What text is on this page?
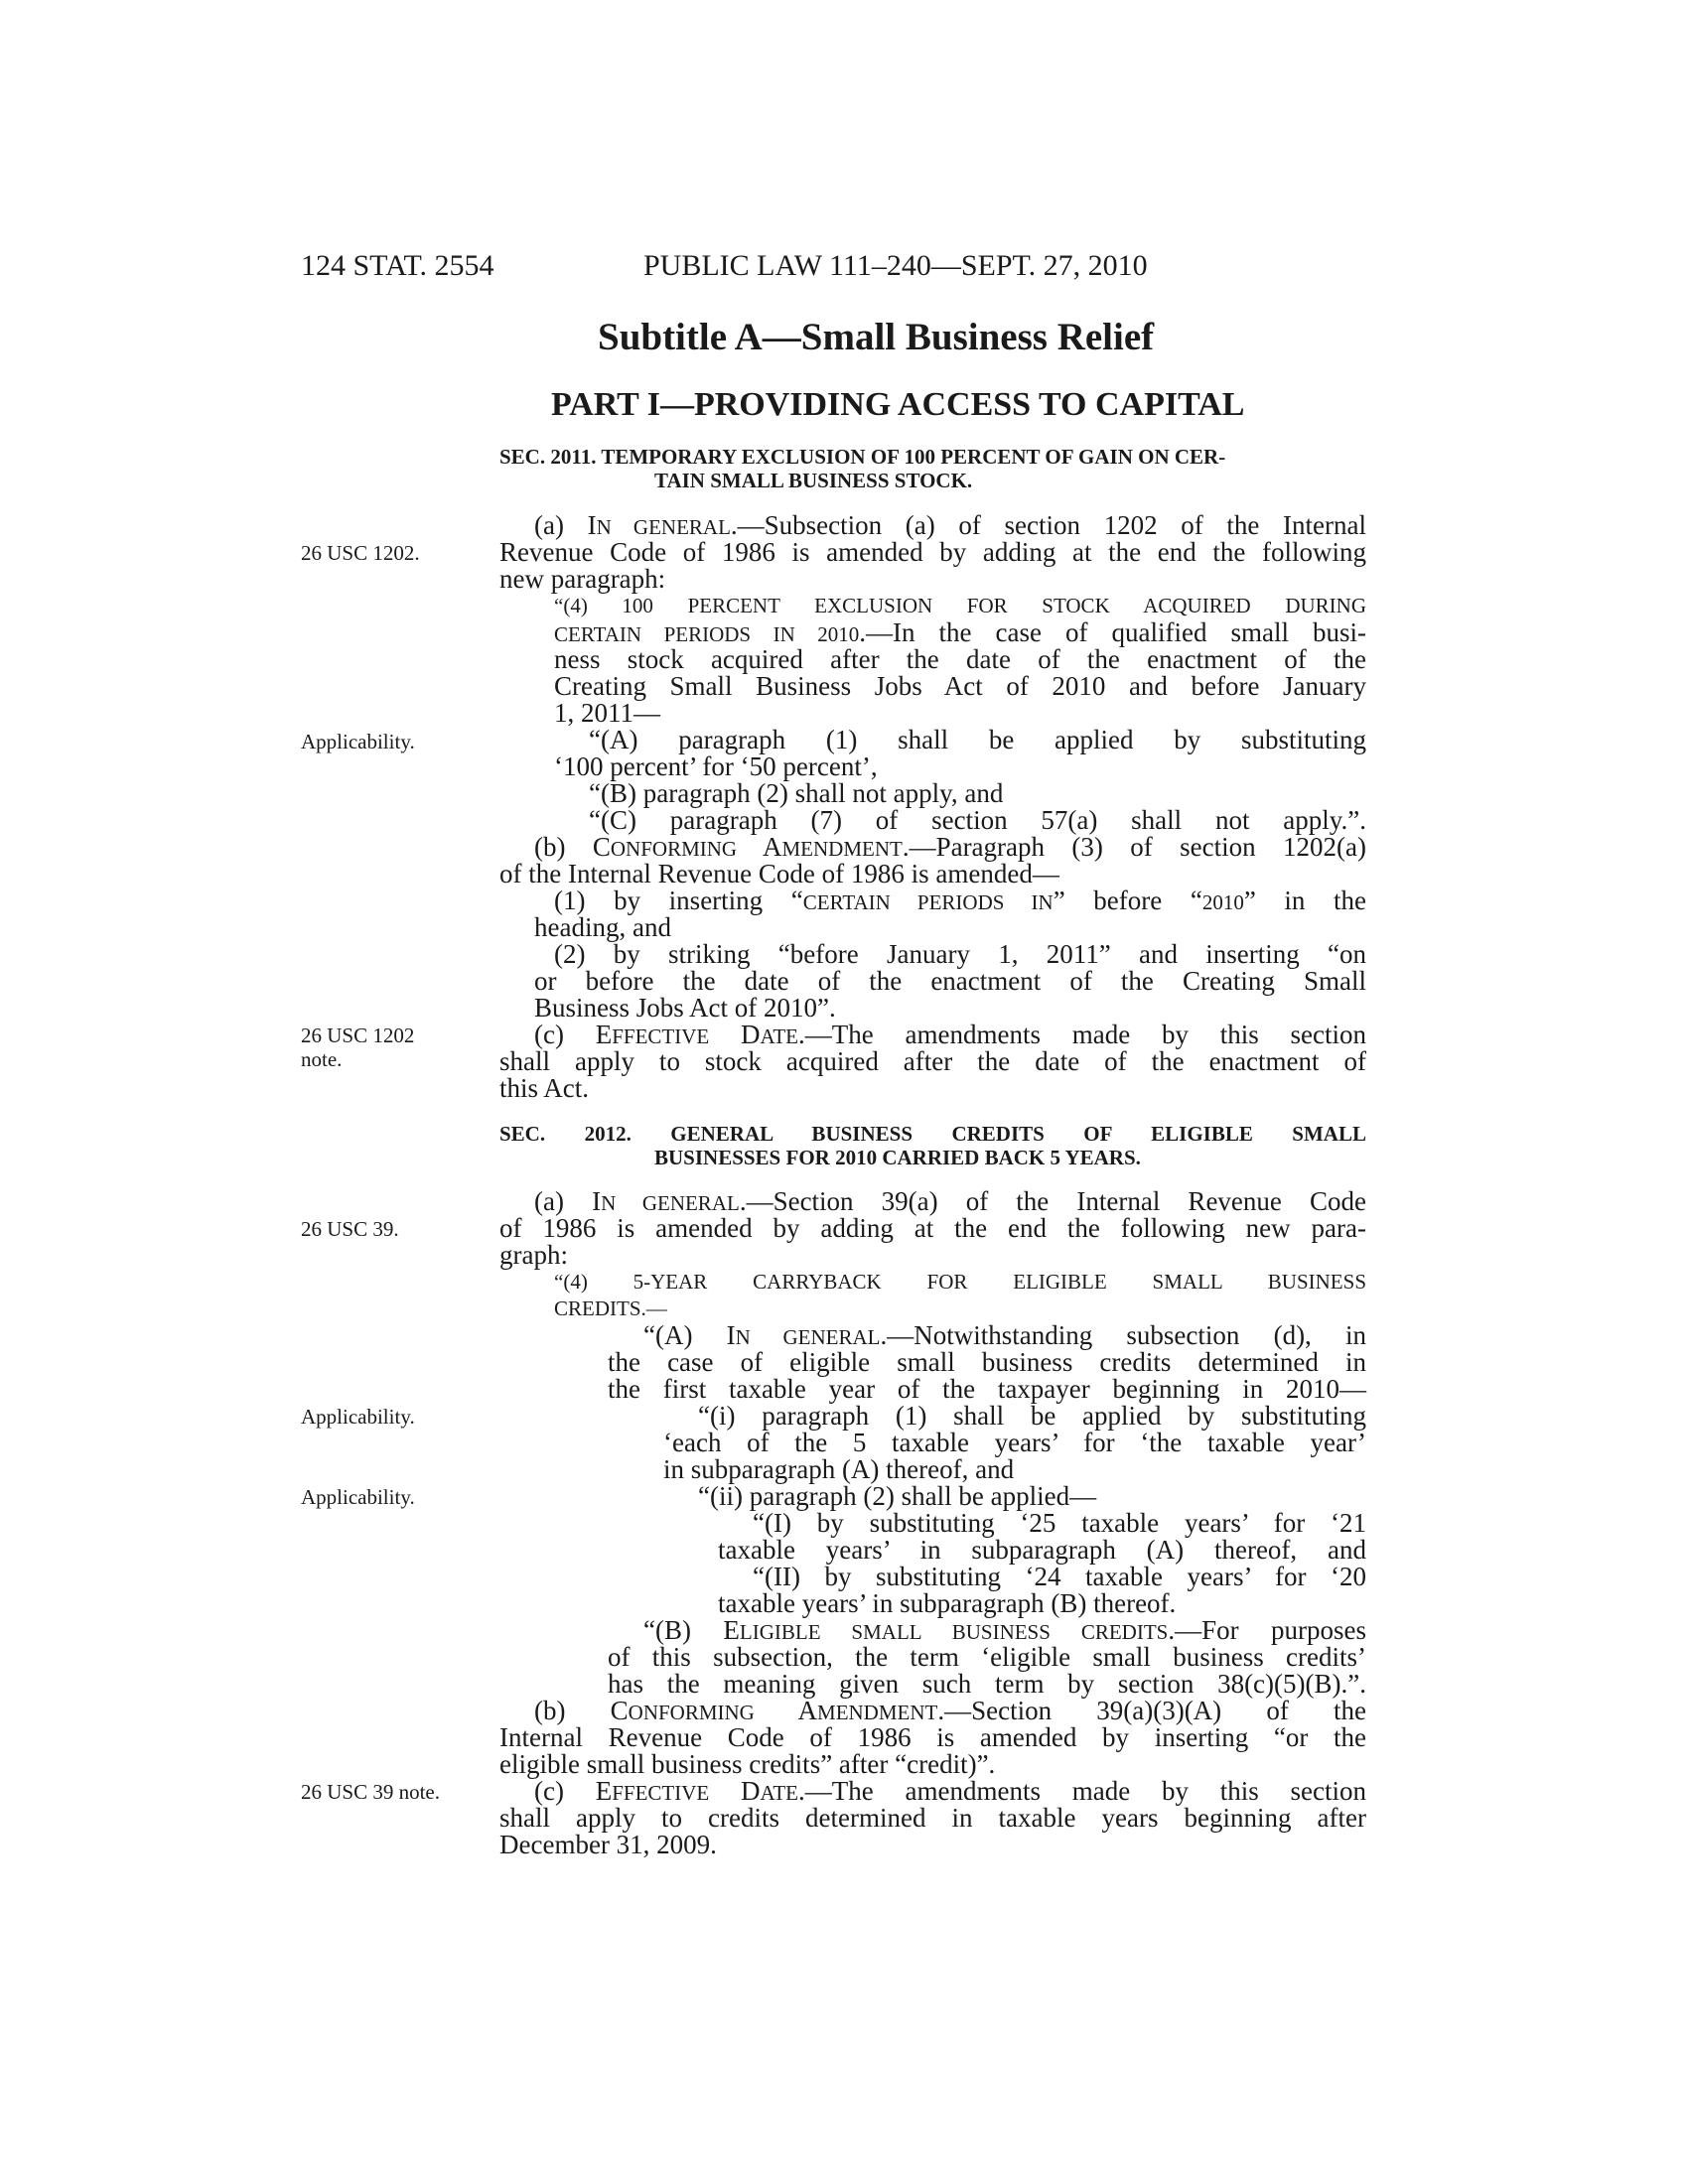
124 STAT. 2554	PUBLIC LAW 111–240—SEPT. 27, 2010
Subtitle A—Small Business Relief
PART I—PROVIDING ACCESS TO CAPITAL
SEC. 2011. TEMPORARY EXCLUSION OF 100 PERCENT OF GAIN ON CER-
TAIN SMALL BUSINESS STOCK.
(a) IN GENERAL.—Subsection (a) of section 1202 of the Internal
Revenue Code of 1986 is amended by adding at the end the following
new paragraph:
“(4) 100 PERCENT EXCLUSION FOR STOCK ACQUIRED DURING
CERTAIN PERIODS IN 2010.—In the case of qualified small busi-
ness stock acquired after the date of the enactment of the
Creating Small Business Jobs Act of 2010 and before January
1, 2011—
“(A) paragraph (1) shall be applied by substituting
‘100 percent’ for ‘50 percent’,
“(B) paragraph (2) shall not apply, and
“(C) paragraph (7) of section 57(a) shall not apply.”.
(b) CONFORMING AMENDMENT.—Paragraph (3) of section 1202(a)
of the Internal Revenue Code of 1986 is amended—
(1) by inserting “CERTAIN PERIODS IN” before “2010” in the
heading, and
(2) by striking “before January 1, 2011” and inserting “on
or before the date of the enactment of the Creating Small
Business Jobs Act of 2010”.
(c) EFFECTIVE DATE.—The amendments made by this section
shall apply to stock acquired after the date of the enactment of
this Act.
SEC. 2012. GENERAL BUSINESS CREDITS OF ELIGIBLE SMALL
BUSINESSES FOR 2010 CARRIED BACK 5 YEARS.
(a) IN GENERAL.—Section 39(a) of the Internal Revenue Code
of 1986 is amended by adding at the end the following new para-
graph:
“(4) 5-YEAR CARRYBACK FOR ELIGIBLE SMALL BUSINESS
CREDITS.—
“(A) IN GENERAL.—Notwithstanding subsection (d), in
the case of eligible small business credits determined in
the first taxable year of the taxpayer beginning in 2010—
“(i) paragraph (1) shall be applied by substituting
‘each of the 5 taxable years’ for ‘the taxable year’
in subparagraph (A) thereof, and
“(ii) paragraph (2) shall be applied—
“(I) by substituting ‘25 taxable years’ for ‘21
taxable years’ in subparagraph (A) thereof, and
“(II) by substituting ‘24 taxable years’ for ‘20
taxable years’ in subparagraph (B) thereof.
“(B) ELIGIBLE SMALL BUSINESS CREDITS.—For purposes
of this subsection, the term ‘eligible small business credits’
has the meaning given such term by section 38(c)(5)(B).”.
(b) CONFORMING AMENDMENT.—Section 39(a)(3)(A) of the
Internal Revenue Code of 1986 is amended by inserting “or the
eligible small business credits” after “credit)”.
(c) EFFECTIVE DATE.—The amendments made by this section
shall apply to credits determined in taxable years beginning after
December 31, 2009.
26 USC 1202.
Applicability.
26 USC 1202
note.
26 USC 39.
Applicability.
Applicability.
26 USC 39 note.
